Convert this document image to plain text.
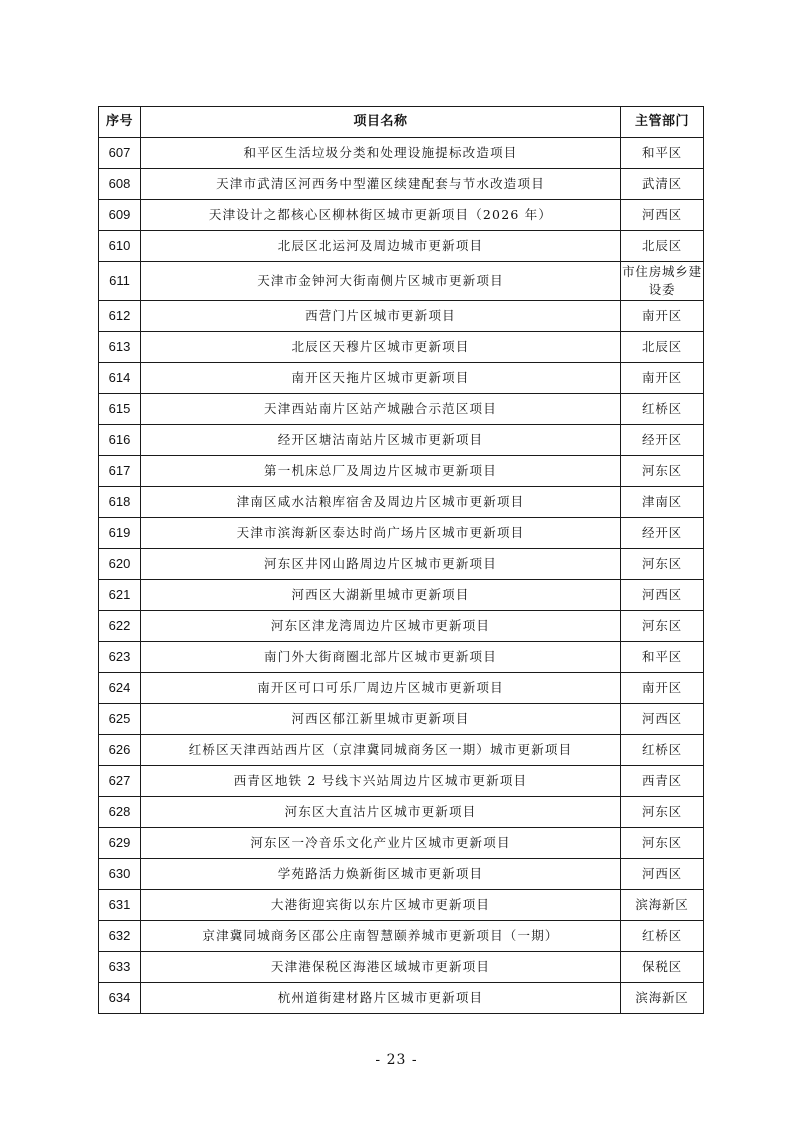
序号	项目名称	主管部门
607	和平区生活垃圾分类和处理设施提标改造项目	和平区
608	天津市武清区河西务中型灌区续建配套与节水改造项目	武清区
609	天津设计之都核心区柳林街区城市更新项目（2026 年）	河西区
610	北辰区北运河及周边城市更新项目	北辰区
611	天津市金钟河大街南侧片区城市更新项目	市住房城乡建设委
612	西营门片区城市更新项目	南开区
613	北辰区天穆片区城市更新项目	北辰区
614	南开区天拖片区城市更新项目	南开区
615	天津西站南片区站产城融合示范区项目	红桥区
616	经开区塘沽南站片区城市更新项目	经开区
617	第一机床总厂及周边片区城市更新项目	河东区
618	津南区咸水沽粮库宿舍及周边片区城市更新项目	津南区
619	天津市滨海新区泰达时尚广场片区城市更新项目	经开区
620	河东区井冈山路周边片区城市更新项目	河东区
621	河西区大湖新里城市更新项目	河西区
622	河东区津龙湾周边片区城市更新项目	河东区
623	南门外大街商圈北部片区城市更新项目	和平区
624	南开区可口可乐厂周边片区城市更新项目	南开区
625	河西区郁江新里城市更新项目	河西区
626	红桥区天津西站西片区（京津冀同城商务区一期）城市更新项目	红桥区
627	西青区地铁 2 号线卞兴站周边片区城市更新项目	西青区
628	河东区大直沽片区城市更新项目	河东区
629	河东区一冷音乐文化产业片区城市更新项目	河东区
630	学苑路活力焕新街区城市更新项目	河西区
631	大港街迎宾街以东片区城市更新项目	滨海新区
632	京津冀同城商务区邵公庄南智慧颐养城市更新项目（一期）	红桥区
633	天津港保税区海港区域城市更新项目	保税区
634	杭州道街建材路片区城市更新项目	滨海新区
- 23 -
